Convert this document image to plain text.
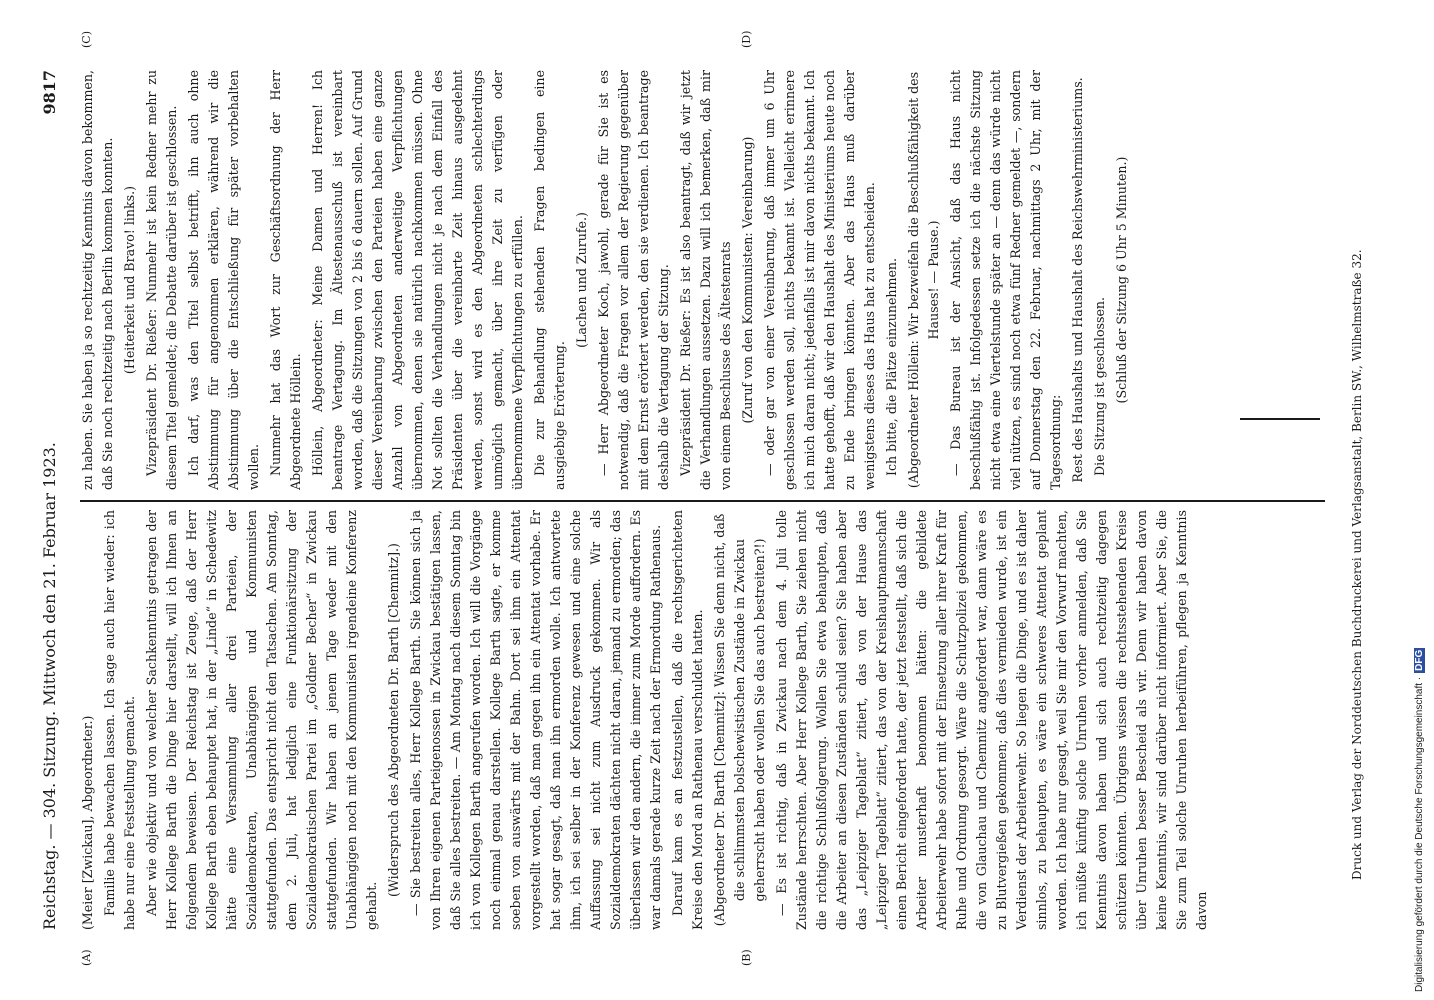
Reichstag. — 304. Sitzung. Mittwoch den 21. Februar 1923.
9817
(A)	(B)
(C)	(D)

(Meier [Zwickau], Abgeordneter.) Familie habe bewachen lassen. Ich sage auch hier wieder: ich habe nur eine Feststellung gemacht. Aber wie objektiv und von welcher Sachkenntnis getragen der Herr Kollege Barth die Dinge hier darstellt, will ich Ihnen an folgendem beweisen. Der Reichstag ist Zeuge, daß der Herr Kollege Barth eben behauptet hat, in der „Linde“ in Schedewitz hätte eine Versammlung aller drei Parteien, der Sozialdemokraten, Unabhängigen und Kommunisten stattgefunden. Das entspricht nicht den Tatsachen. Am Sonntag, dem 2. Juli, hat lediglich eine Funktionärsitzung der Sozialdemokratischen Partei im „Goldner Becher“ in Zwickau stattgefunden. Wir haben an jenem Tage weder mit den Unabhängigen noch mit den Kommunisten irgendeine Konferenz gehabt.

(Widerspruch des Abgeordneten Dr. Barth [Chemnitz].) — Sie bestreiten alles, Herr Kollege Barth. Sie können sich ja von Ihren eigenen Parteigenossen in Zwickau bestätigen lassen, daß Sie alles bestreiten. — Am Montag nach diesem Sonntag bin ich von Kollegen Barth angerufen worden. Ich will die Vorgänge noch einmal genau darstellen. Kollege Barth sagte, er komme soeben von auswärts mit der Bahn. Dort sei ihm ein Attentat vorgestellt worden, daß man gegen ihn ein Attentat vorhabe. Er hat sogar gesagt, daß man ihn ermorden wolle. Ich antwortete ihm, ich sei selber in der Konferenz gewesen und eine solche Auffassung sei nicht zum Ausdruck gekommen. Wir als Sozialdemokraten dächten nicht daran, jemand zu ermorden; das überlassen wir den andern, die immer zum Morde auffordern. Es war damals gerade kurze Zeit nach der Ermordung Rathenaus. Darauf kam es an festzustellen, daß die rechtsgerichteten Kreise den Mord an Rathenau verschuldet hatten. (Abgeordneter Dr. Barth [Chemnitz]: Wissen Sie denn nicht, daß die schlimmsten bolschewistischen Zustände in Zwickau geherrscht haben oder wollen Sie das auch bestreiten?!) — Es ist richtig, daß in Zwickau nach dem 4. Juli tolle Zustände herrschten. Aber Herr Kollege Barth, Sie ziehen nicht die richtige Schlußfolgerung. Wollen Sie etwa behaupten, daß die Arbeiter an diesen Zuständen schuld seien? Sie haben aber das „Leipziger Tageblatt“ zitiert, das von der Hause das „Leipziger Tageblatt“ zitiert, das von der Kreishauptmannschaft einen Bericht eingefordert hatte, der jetzt feststellt, daß sich die Arbeiter musterhaft benommen hätten: die gebildete Arbeiterwehr habe sofort mit der Einsetzung aller ihrer Kraft für Ruhe und Ordnung gesorgt. Wäre die Schutzpolizei gekommen, die von Glauchau und Chemnitz angefordert war, dann wäre es zu Blutvergießen gekommen; daß dies vermieden wurde, ist ein Verdienst der Arbeiterwehr. So liegen die Dinge, und es ist daher sinnlos, zu behaupten, es wäre ein schweres Attentat geplant worden. Ich habe nur gesagt, weil Sie mir den Vorwurf machten, ich müßte künftig solche Unruhen vorher anmelden, daß Sie Kenntnis davon haben und sich auch rechtzeitig dagegen schützen könnten. Übrigens wissen die rechtsstehenden Kreise über Unruhen besser Bescheid als wir. Denn wir haben davon keine Kenntnis, wir sind darüber nicht informiert. Aber Sie, die Sie zum Teil solche Unruhen herbeiführen, pflegen ja Kenntnis davon

zu haben. Sie haben ja so rechtzeitig Kenntnis davon bekommen, daß Sie noch rechtzeitig nach Berlin kommen konnten. (Heiterkeit und Bravo! links.) Vizepräsident Dr. Rießer: Nunmehr ist kein Redner mehr zu diesem Titel gemeldet; die Debatte darüber ist geschlossen. Ich darf, was den Titel selbst betrifft, ihn auch ohne Abstimmung für angenommen erklären, während wir die Abstimmung über die Entschließung für später vorbehalten wollen. Nunmehr hat das Wort zur Geschäftsordnung der Herr Abgeordnete Höllein. Höllein, Abgeordneter: Meine Damen und Herren! Ich beantrage Vertagung. Im Ältestenausschuß ist vereinbart worden, daß die Sitzungen von 2 bis 6 dauern sollen. Auf Grund dieser Vereinbarung zwischen den Parteien haben eine ganze Anzahl von Abgeordneten anderweitige Verpflichtungen übernommen, denen sie natürlich nachkommen müssen. Ohne Not sollten die Verhandlungen nicht je nach dem Einfall des Präsidenten über die vereinbarte Zeit hinaus ausgedehnt werden, sonst wird es den Abgeordneten schlechterdings unmöglich gemacht, über ihre Zeit zu verfügen oder übernommene Verpflichtungen zu erfüllen. Die zur Behandlung stehenden Fragen bedingen eine ausgiebige Erörterung.

(Lachen und Zurufe.) — Herr Abgeordneter Koch, jawohl, gerade für Sie ist es notwendig, daß die Fragen vor allem der Regierung gegenüber mit dem Ernst erörtert werden, den sie verdienen. Ich beantrage deshalb die Vertagung der Sitzung. Vizepräsident Dr. Rießer: Es ist also beantragt, daß wir jetzt die Verhandlungen aussetzen. Dazu will ich bemerken, daß mir von einem Beschlusse des Ältestenrats (Zuruf von den Kommunisten: Vereinbarung) — oder gar von einer Vereinbarung, daß immer um 6 Uhr geschlossen werden soll, nichts bekannt ist. Vielleicht erinnere ich mich daran nicht; jedenfalls ist mir davon nichts bekannt. Ich hatte gehofft, daß wir den Haushalt des Ministeriums heute noch zu Ende bringen könnten. Aber das Haus muß darüber wenigstens dieses das Haus hat zu entscheiden. Ich bitte, die Plätze einzunehmen. (Abgeordneter Höllein: Wir bezweifeln die Beschlußfähigkeit des Hauses! — Pause.) — Das Bureau ist der Ansicht, daß das Haus nicht beschlußfähig ist. Infolgedessen setze ich die nächste Sitzung nicht etwa eine Viertelstunde später an — denn das würde nicht viel nützen, es sind noch etwa fünf Redner gemeldet —, sondern auf Donnerstag den 22. Februar, nachmittags 2 Uhr, mit der Tagesordnung: Rest des Haushalts und Haushalt des Reichswehrministeriums. Die Sitzung ist geschlossen. (Schluß der Sitzung 6 Uhr 5 Minuten.)	Druck und Verlag der Norddeutschen Buchdruckerei und Verlagsanstalt, Berlin SW., Wilhelmstraße 32.	Digitalisierung gefördert durch die Deutsche Forschungsgemeinschaft ·DFG
